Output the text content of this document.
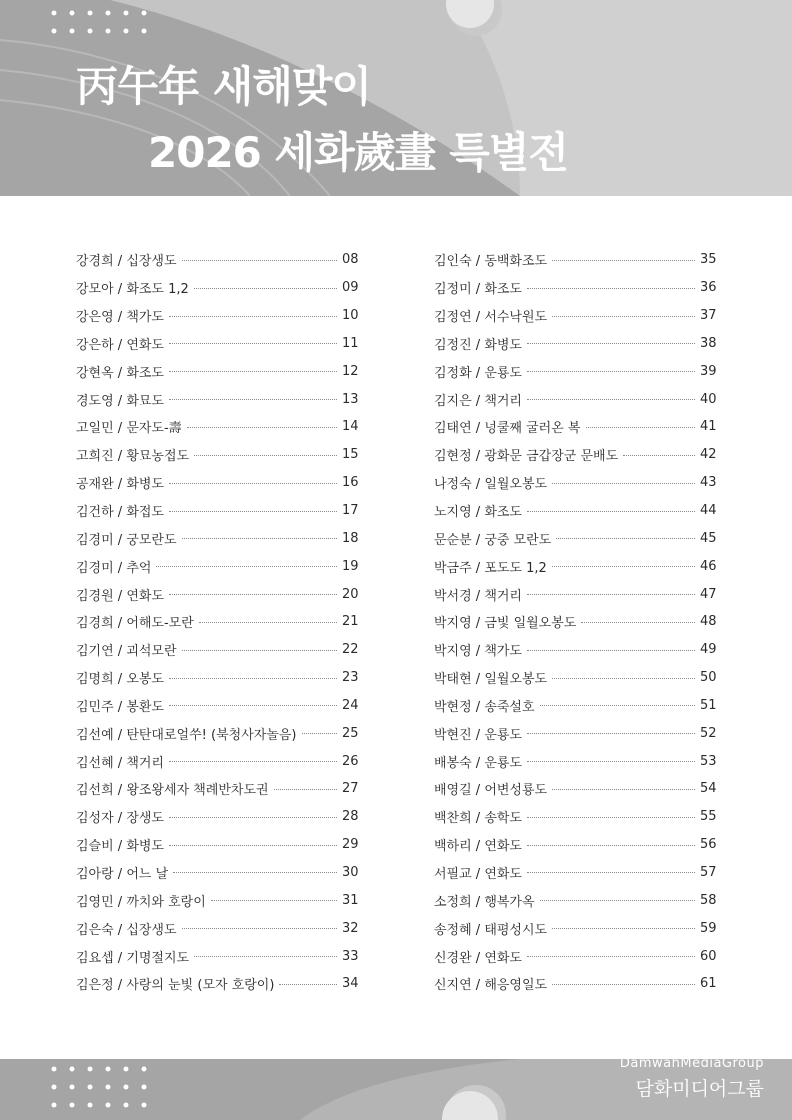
丙午年 새해맞이
2026 세화歲畫 특별전
강경희 / 십장생도	08
강모아 / 화조도 1,2	09
강은영 / 책가도	10
강은하 / 연화도	11
강현옥 / 화조도	12
경도영 / 화묘도	13
고일민 / 문자도-壽	14
고희진 / 황묘농접도	15
공재완 / 화병도	16
김건하 / 화접도	17
김경미 / 궁모란도	18
김경미 / 추억	19
김경원 / 연화도	20
김경희 / 어해도-모란	21
김기연 / 괴석모란	22
김명희 / 오봉도	23
김민주 / 봉환도	24
김선예 / 탄탄대로얼쑤! (북청사자놀음)	25
김선혜 / 책거리	26
김선희 / 왕조왕세자 책례반차도권	27
김성자 / 장생도	28
김슬비 / 화병도	29
김아랑 / 어느 날	30
김영민 / 까치와 호랑이	31
김은숙 / 십장생도	32
김요셉 / 기명절지도	33
김은정 / 사랑의 눈빛 (모자 호랑이)	34
김인숙 / 동백화조도	35
김정미 / 화조도	36
김정연 / 서수낙원도	37
김정진 / 화병도	38
김정화 / 운룡도	39
김지은 / 책거리	40
김태연 / 넝쿨째 굴러온 복	41
김현정 / 광화문 금갑장군 문배도	42
나정숙 / 일월오봉도	43
노지영 / 화조도	44
문순분 / 궁중 모란도	45
박금주 / 포도도 1,2	46
박서경 / 책거리	47
박지영 / 금빛 일월오봉도	48
박지영 / 책가도	49
박태현 / 일월오봉도	50
박현정 / 송죽설호	51
박현진 / 운룡도	52
배봉숙 / 운룡도	53
배영길 / 어변성룡도	54
백찬희 / 송학도	55
백하리 / 연화도	56
서필교 / 연화도	57
소정희 / 행복가옥	58
송정혜 / 태평성시도	59
신경완 / 연화도	60
신지연 / 해응영일도	61
DamwahMediaGroup
담화미디어그룹
